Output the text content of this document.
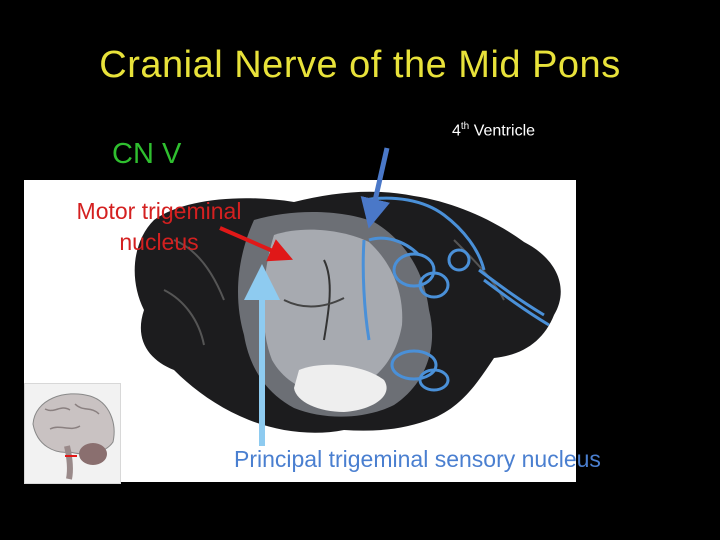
Cranial Nerve of the Mid Pons
CN V
4th Ventricle
Motor trigeminal
nucleus
Principal trigeminal sensory nucleus
